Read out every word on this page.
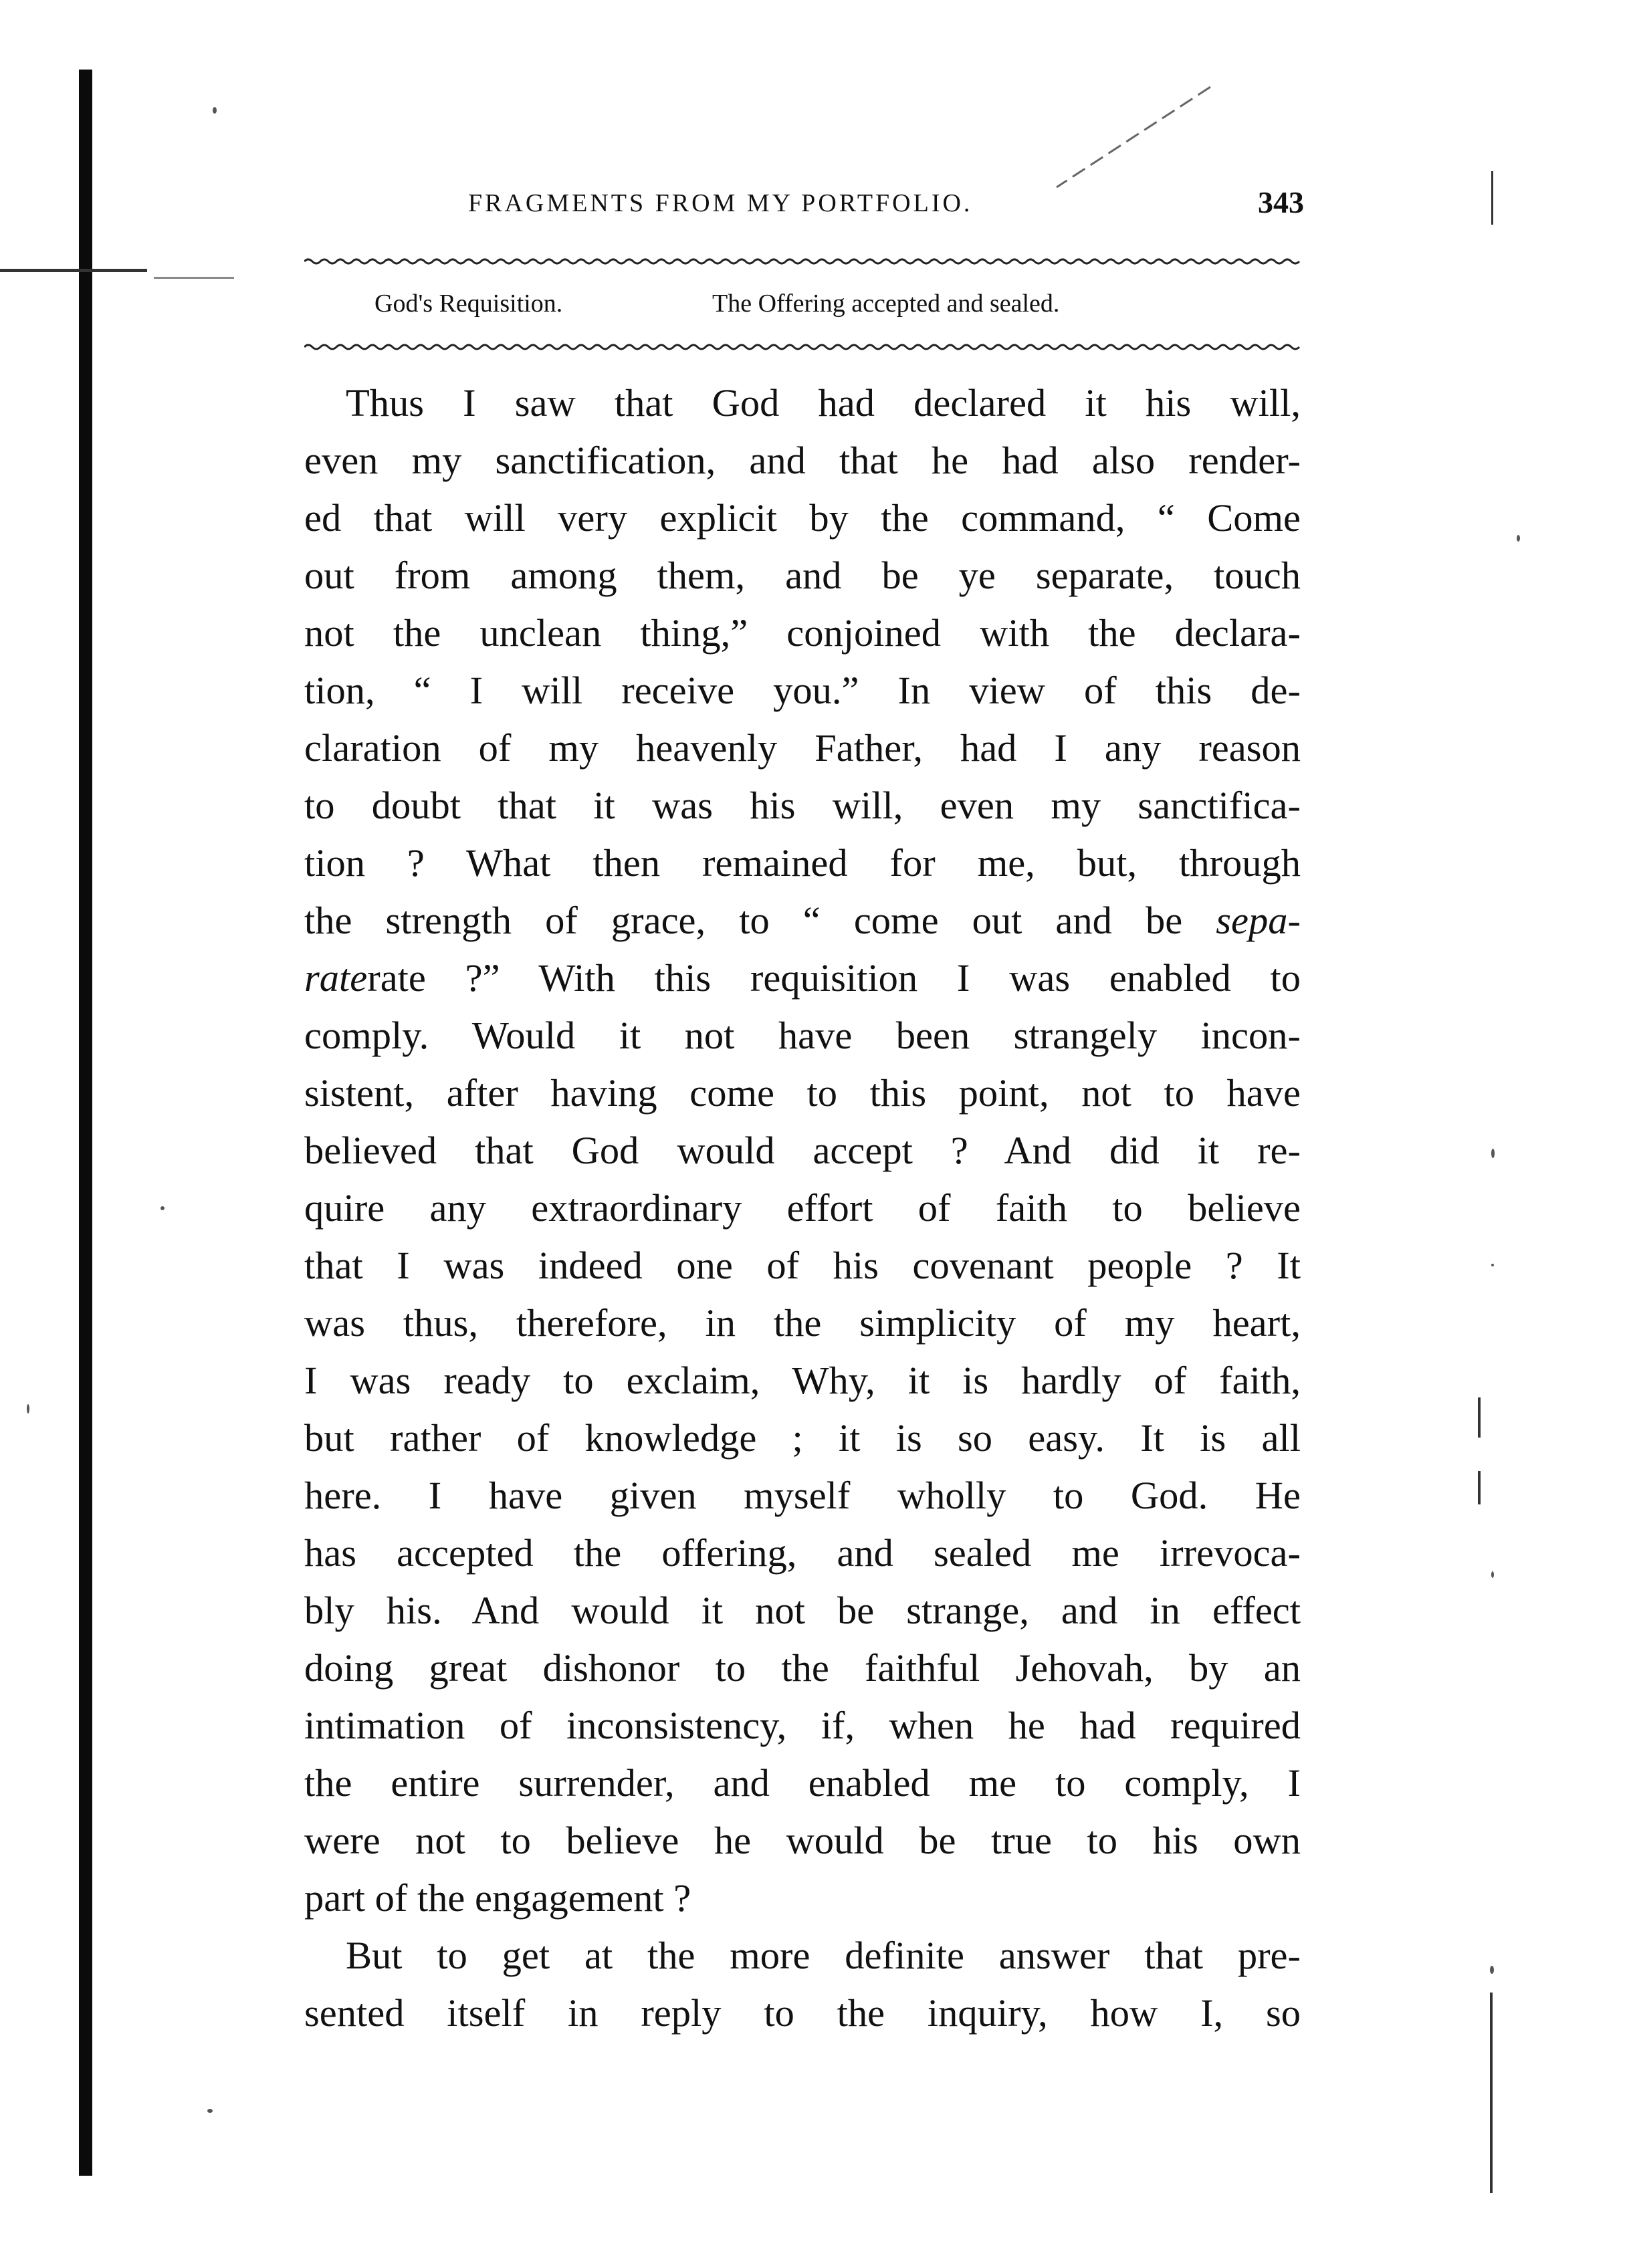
FRAGMENTS FROM MY PORTFOLIO.	343
God's Requisition.	The Offering accepted and sealed.
Thus I saw that God had declared it his will,
even my sanctification, and that he had also render-
ed that will very explicit by the command, “ Come
out from among them, and be ye separate, touch
not the unclean thing,” conjoined with the declara-
tion, “ I will receive you.” In view of this de-
claration of my heavenly Father, had I any reason
to doubt that it was his will, even my sanctifica-
tion ? What then remained for me, but, through
the strength of grace, to “ come out and be sepa-
raterate ?” With this requisition I was enabled to
comply. Would it not have been strangely incon-
sistent, after having come to this point, not to have
believed that God would accept ? And did it re-
quire any extraordinary effort of faith to believe
that I was indeed one of his covenant people ? It
was thus, therefore, in the simplicity of my heart,
I was ready to exclaim, Why, it is hardly of faith,
but rather of knowledge ; it is so easy. It is all
here. I have given myself wholly to God. He
has accepted the offering, and sealed me irrevoca-
bly his. And would it not be strange, and in effect
doing great dishonor to the faithful Jehovah, by an
intimation of inconsistency, if, when he had required
the entire surrender, and enabled me to comply, I
were not to believe he would be true to his own
part of the engagement ?
But to get at the more definite answer that pre-
sented itself in reply to the inquiry, how I, so
